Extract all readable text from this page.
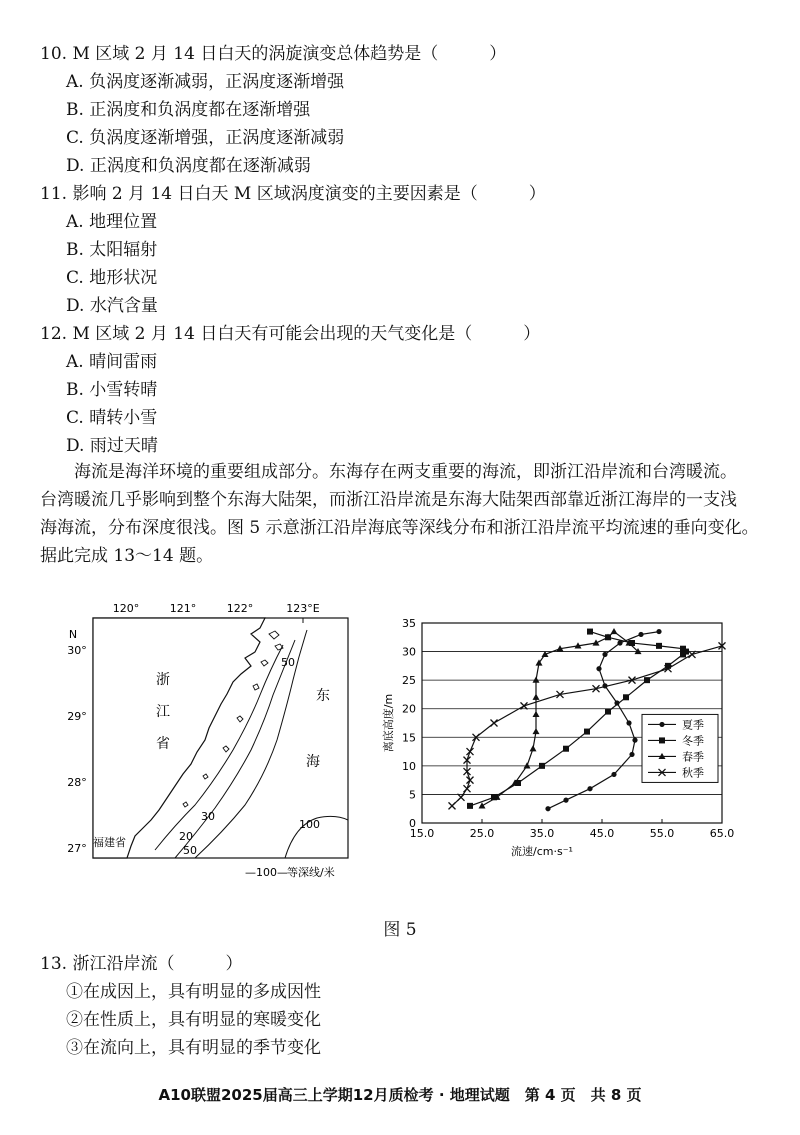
10. M 区域 2 月 14 日白天的涡旋演变总体趋势是（　　　）
A. 负涡度逐渐减弱，正涡度逐渐增强
B. 正涡度和负涡度都在逐渐增强
C. 负涡度逐渐增强，正涡度逐渐减弱
D. 正涡度和负涡度都在逐渐减弱
11. 影响 2 月 14 日白天 M 区域涡度演变的主要因素是（　　　）
A. 地理位置
B. 太阳辐射
C. 地形状况
D. 水汽含量
12. M 区域 2 月 14 日白天有可能会出现的天气变化是（　　　）
A. 晴间雷雨
B. 小雪转晴
C. 晴转小雪
D. 雨过天晴
　　海流是海洋环境的重要组成部分。东海存在两支重要的海流，即浙江沿岸流和台湾暖流。
台湾暖流几乎影响到整个东海大陆架，而浙江沿岸流是东海大陆架西部靠近浙江海岸的一支浅
海海流，分布深度很浅。图 5 示意浙江沿岸海底等深线分布和浙江沿岸流平均流速的垂向变化。
据此完成 13～14 题。
120°	121°	122°	123°E
N
30°
29°
28°
27°
20
30
50
50
100
浙
江
省
东
海
福建省
—100— 等深线/米
0
5
10
15
20
25
30
35
15.0	25.0	35.0	45.0	55.0	65.0
流速/cm·s⁻¹
离底高度/m	夏季
冬季
春季
秋季
图 5
13. 浙江沿岸流（　　　）
①在成因上，具有明显的多成因性
②在性质上，具有明显的寒暖变化
③在流向上，具有明显的季节变化
A10联盟2025届高三上学期12月质检考 · 地理试题　第 4 页　共 8 页
